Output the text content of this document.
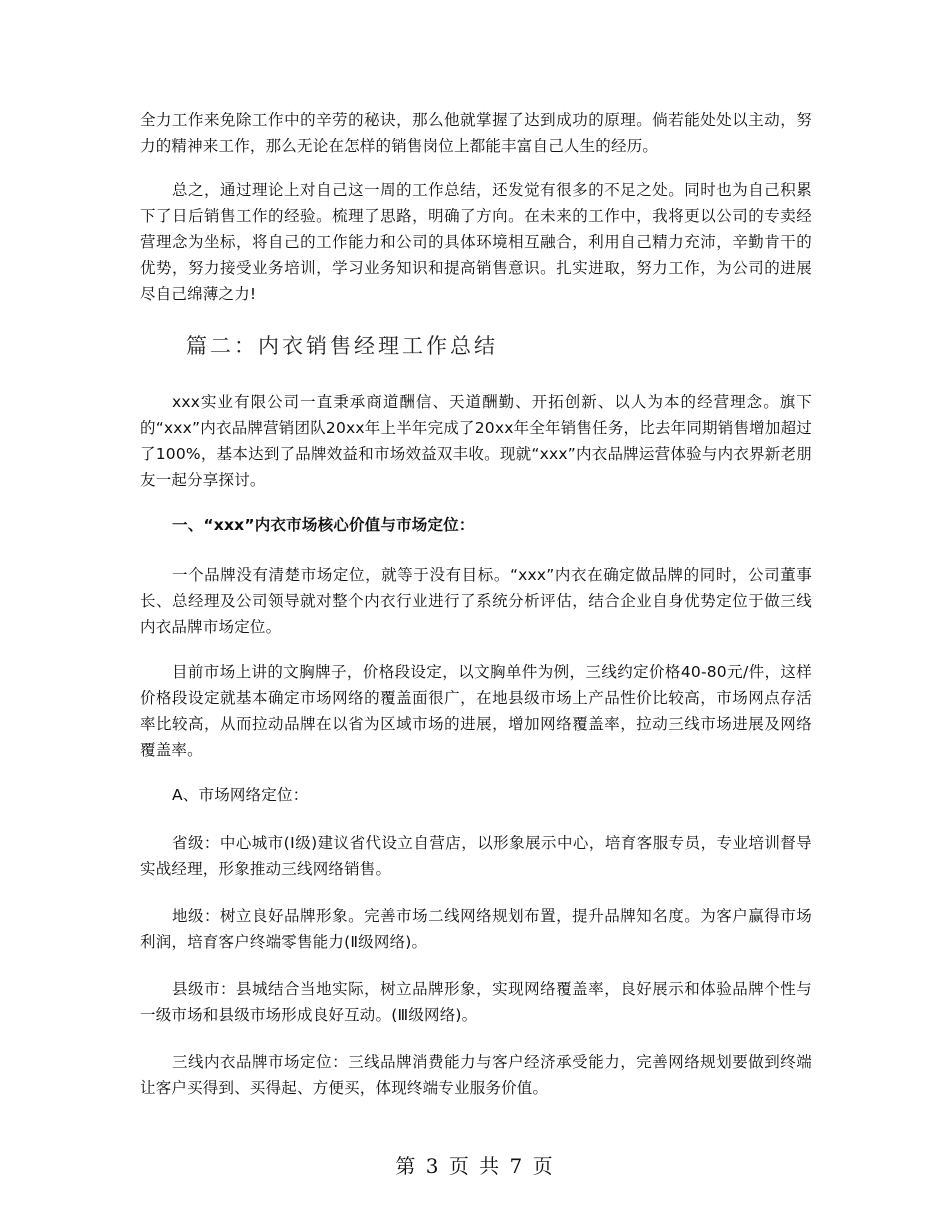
全力工作来免除工作中的辛劳的秘诀，那么他就掌握了达到成功的原理。倘若能处处以主动，努力的精神来工作，那么无论在怎样的销售岗位上都能丰富自己人生的经历。

总之，通过理论上对自己这一周的工作总结，还发觉有很多的不足之处。同时也为自己积累下了日后销售工作的经验。梳理了思路，明确了方向。在未来的工作中，我将更以公司的专卖经营理念为坐标，将自己的工作能力和公司的具体环境相互融合，利用自己精力充沛，辛勤肯干的优势，努力接受业务培训，学习业务知识和提高销售意识。扎实进取，努力工作，为公司的进展尽自己绵薄之力!

篇二：内衣销售经理工作总结

xxx实业有限公司一直秉承商道酬信、天道酬勤、开拓创新、以人为本的经营理念。旗下的“xxx”内衣品牌营销团队20xx年上半年完成了20xx年全年销售任务，比去年同期销售增加超过了100%，基本达到了品牌效益和市场效益双丰收。现就“xxx”内衣品牌运营体验与内衣界新老朋友一起分享探讨。

一、“xxx”内衣市场核心价值与市场定位：

一个品牌没有清楚市场定位，就等于没有目标。“xxx”内衣在确定做品牌的同时，公司董事长、总经理及公司领导就对整个内衣行业进行了系统分析评估，结合企业自身优势定位于做三线内衣品牌市场定位。

目前市场上讲的文胸牌子，价格段设定，以文胸单件为例，三线约定价格40-80元/件，这样价格段设定就基本确定市场网络的覆盖面很广，在地县级市场上产品性价比较高，市场网点存活率比较高，从而拉动品牌在以省为区域市场的进展，增加网络覆盖率，拉动三线市场进展及网络覆盖率。

A、市场网络定位：

省级：中心城市(Ⅰ级)建议省代设立自营店，以形象展示中心，培育客服专员，专业培训督导实战经理，形象推动三线网络销售。

地级：树立良好品牌形象。完善市场二线网络规划布置，提升品牌知名度。为客户赢得市场利润，培育客户终端零售能力(Ⅱ级网络)。

县级市：县城结合当地实际，树立品牌形象，实现网络覆盖率，良好展示和体验品牌个性与一级市场和县级市场形成良好互动。(Ⅲ级网络)。

三线内衣品牌市场定位：三线品牌消费能力与客户经济承受能力，完善网络规划要做到终端让客户买得到、买得起、方便买，体现终端专业服务价值。

第 3 页 共 7 页
